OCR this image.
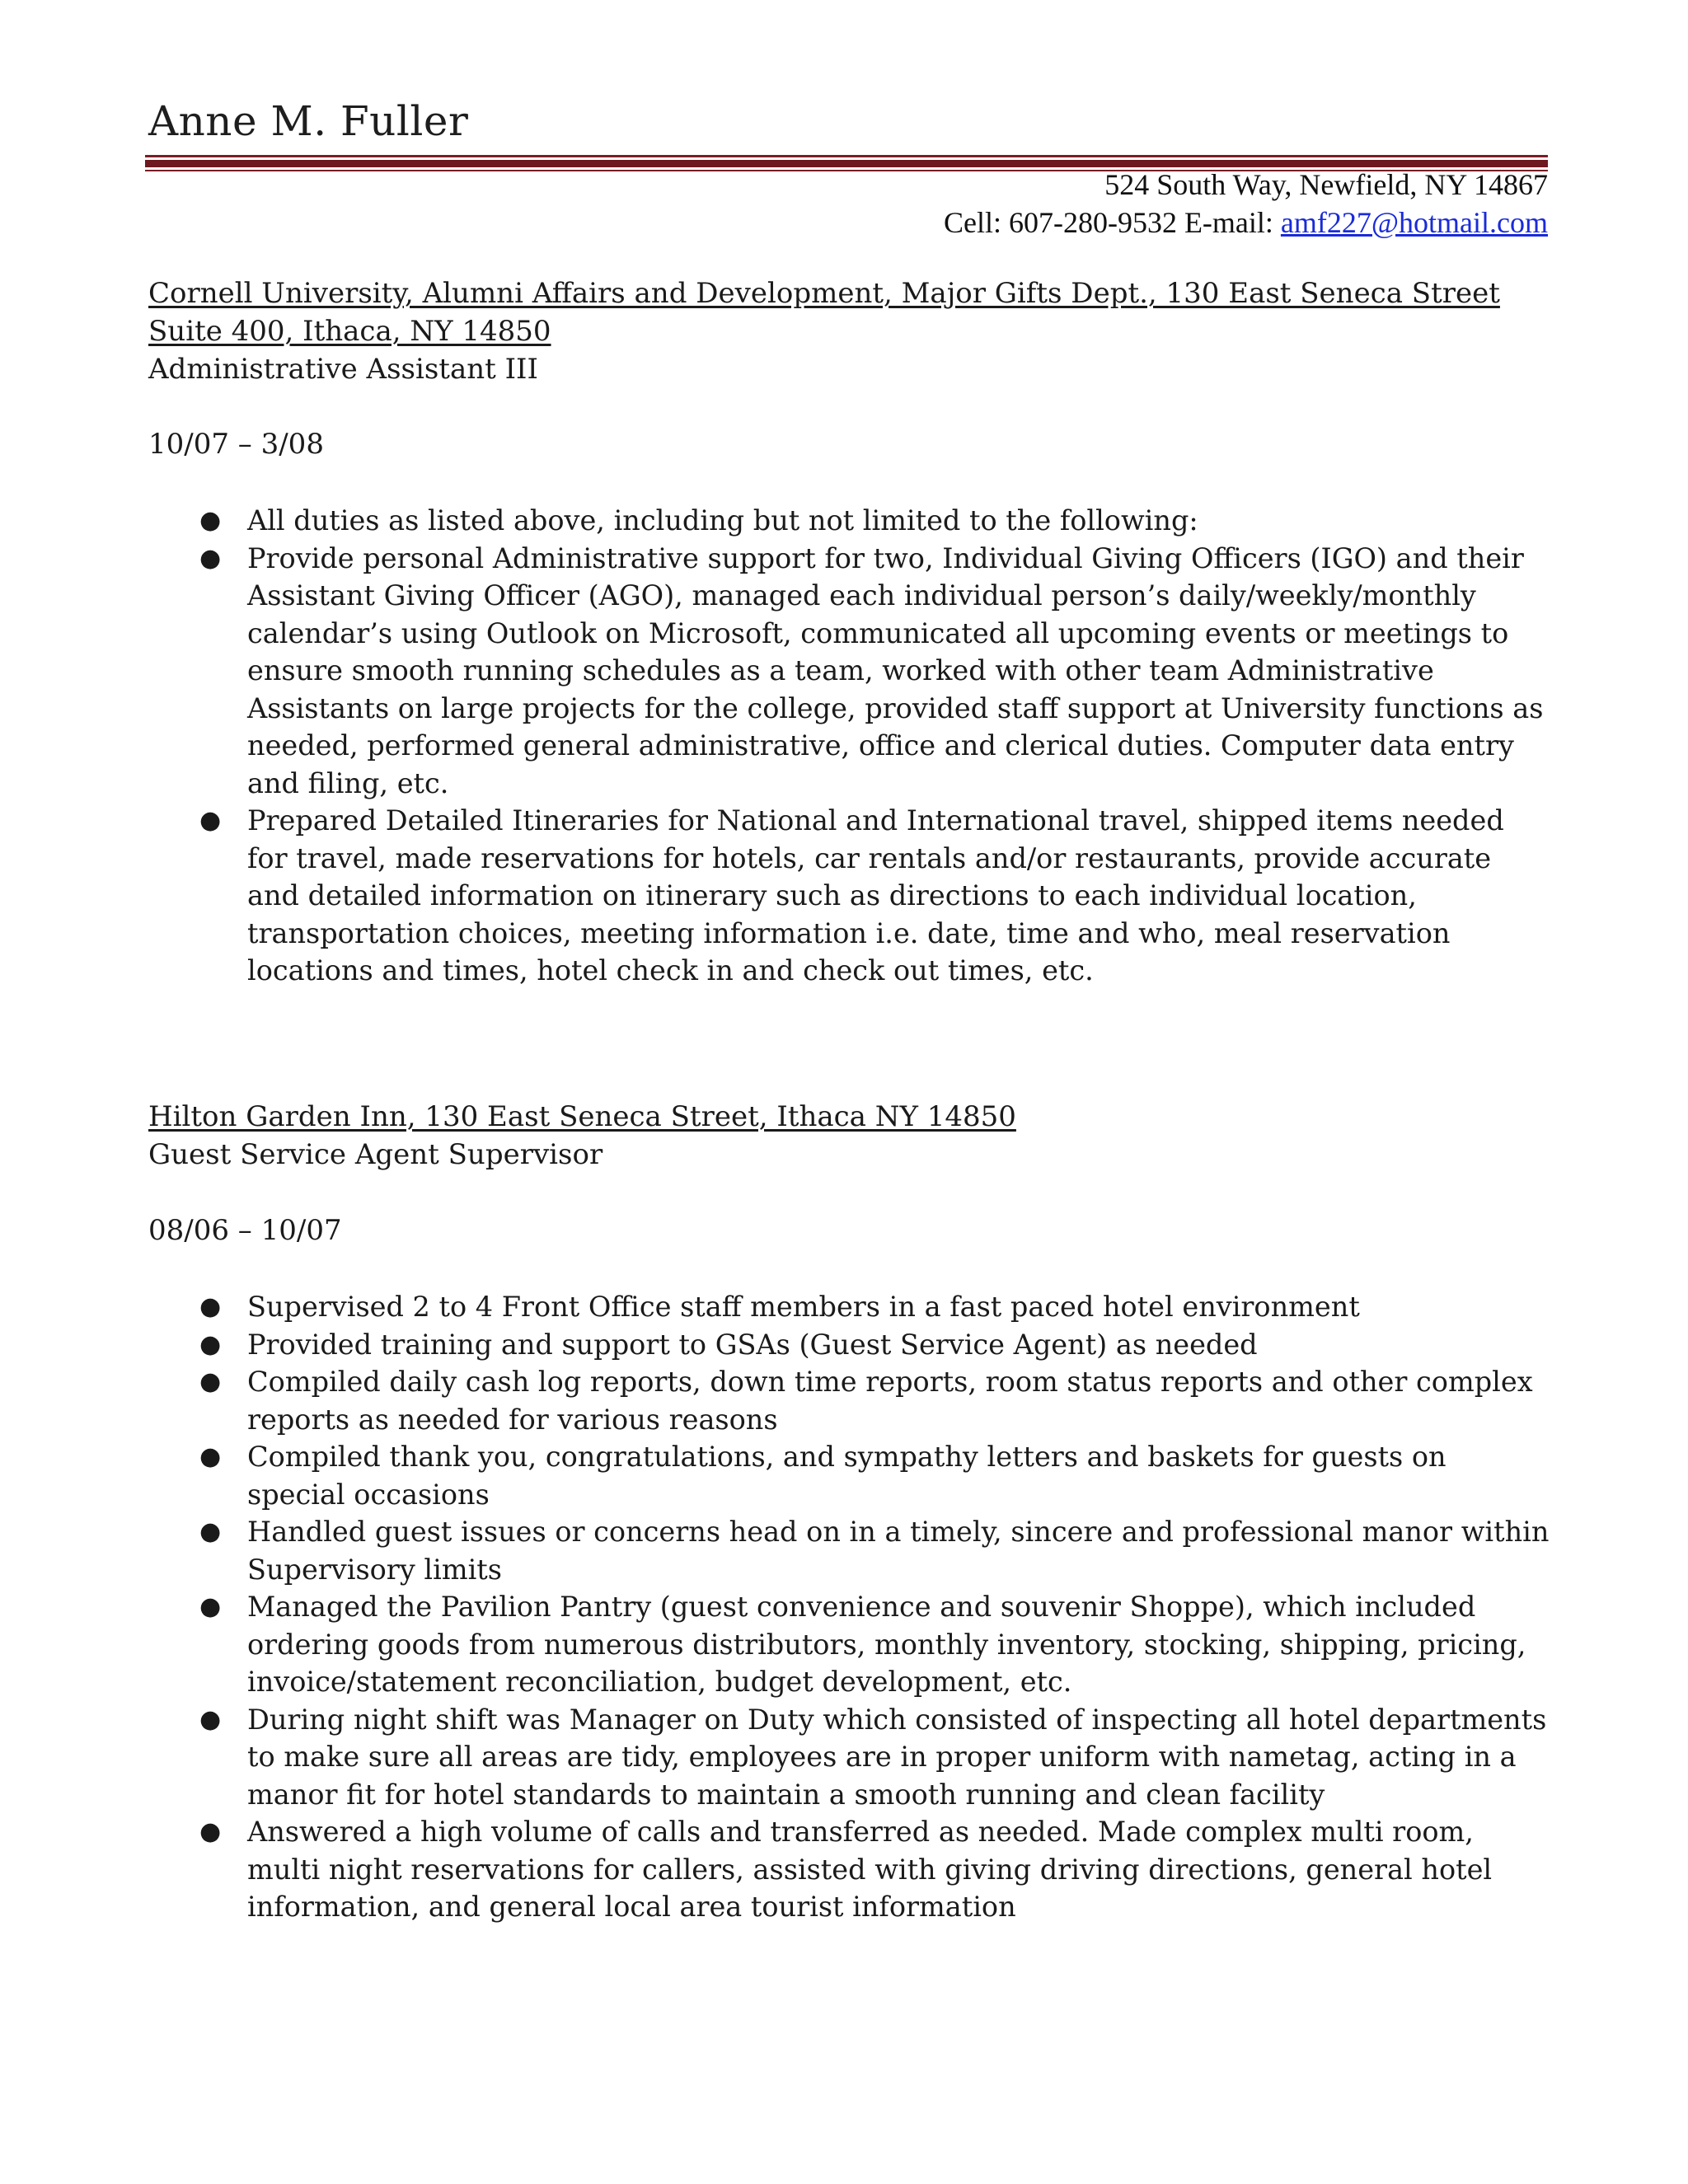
Anne M. Fuller
524 South Way, Newfield, NY 14867
Cell: 607-280-9532 E-mail: amf227@hotmail.com
Cornell University, Alumni Affairs and Development, Major Gifts Dept., 130 East Seneca Street Suite 400, Ithaca, NY 14850
Administrative Assistant III
10/07 – 3/08
● All duties as listed above, including but not limited to the following:
● Provide personal Administrative support for two, Individual Giving Officers (IGO) and their Assistant Giving Officer (AGO), managed each individual person’s daily/weekly/monthly calendar’s using Outlook on Microsoft, communicated all upcoming events or meetings to ensure smooth running schedules as a team, worked with other team Administrative Assistants on large projects for the college, provided staff support at University functions as needed, performed general administrative, office and clerical duties. Computer data entry and filing, etc.
● Prepared Detailed Itineraries for National and International travel, shipped items needed for travel, made reservations for hotels, car rentals and/or restaurants, provide accurate and detailed information on itinerary such as directions to each individual location, transportation choices, meeting information i.e. date, time and who, meal reservation locations and times, hotel check in and check out times, etc.
Hilton Garden Inn, 130 East Seneca Street, Ithaca NY 14850
Guest Service Agent Supervisor
08/06 – 10/07
● Supervised 2 to 4 Front Office staff members in a fast paced hotel environment
● Provided training and support to GSAs (Guest Service Agent) as needed
● Compiled daily cash log reports, down time reports, room status reports and other complex reports as needed for various reasons
● Compiled thank you, congratulations, and sympathy letters and baskets for guests on special occasions
● Handled guest issues or concerns head on in a timely, sincere and professional manor within Supervisory limits
● Managed the Pavilion Pantry (guest convenience and souvenir Shoppe), which included ordering goods from numerous distributors, monthly inventory, stocking, shipping, pricing, invoice/statement reconciliation, budget development, etc.
● During night shift was Manager on Duty which consisted of inspecting all hotel departments to make sure all areas are tidy, employees are in proper uniform with nametag, acting in a manor fit for hotel standards to maintain a smooth running and clean facility
● Answered a high volume of calls and transferred as needed. Made complex multi room, multi night reservations for callers, assisted with giving driving directions, general hotel information, and general local area tourist information
